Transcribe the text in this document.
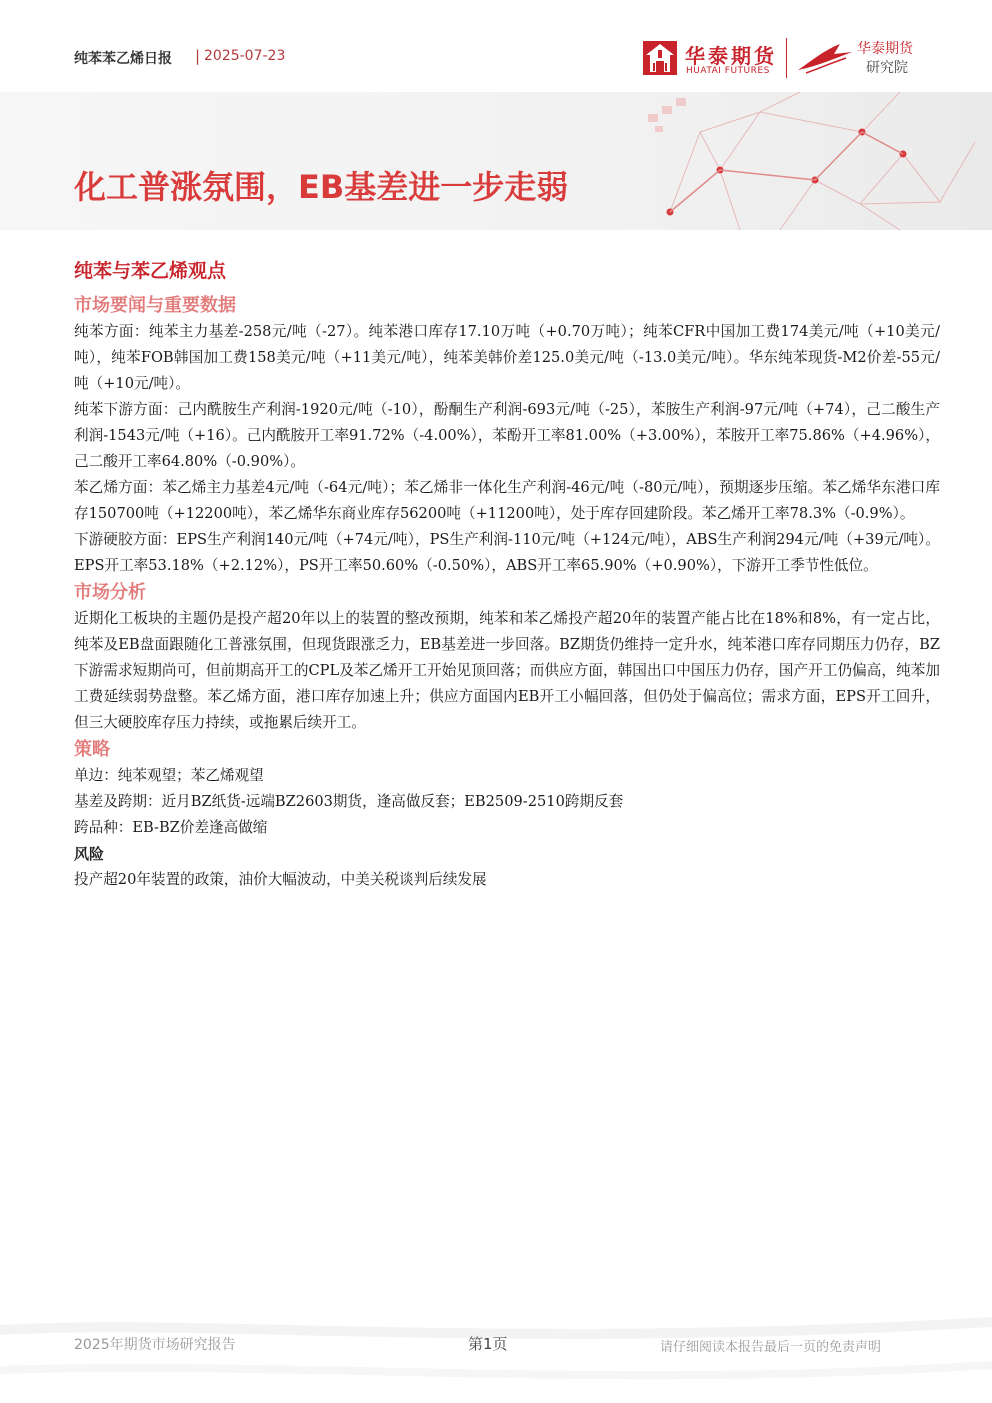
纯苯苯乙烯日报 | 2025-07-23	华泰期货
HUATAI FUTURES
华泰期货
研究院
化工普涨氛围，EB基差进一步走弱
纯苯与苯乙烯观点
市场要闻与重要数据

纯苯方面：纯苯主力基差-258元/吨（-27）。纯苯港口库存17.10万吨（+0.70万吨）；纯苯CFR中国加工费174美元/吨（+10美元/吨），纯苯FOB韩国加工费158美元/吨（+11美元/吨），纯苯美韩价差125.0美元/吨（-13.0美元/吨）。华东纯苯现货-M2价差-55元/吨（+10元/吨）。

纯苯下游方面：己内酰胺生产利润-1920元/吨（-10），酚酮生产利润-693元/吨（-25），苯胺生产利润-97元/吨（+74），己二酸生产利润-1543元/吨（+16）。己内酰胺开工率91.72%（-4.00%），苯酚开工率81.00%（+3.00%），苯胺开工率75.86%（+4.96%），己二酸开工率64.80%（-0.90%）。

苯乙烯方面：苯乙烯主力基差4元/吨（-64元/吨）；苯乙烯非一体化生产利润-46元/吨（-80元/吨），预期逐步压缩。苯乙烯华东港口库存150700吨（+12200吨），苯乙烯华东商业库存56200吨（+11200吨），处于库存回建阶段。苯乙烯开工率78.3%（-0.9%）。

下游硬胶方面：EPS生产利润140元/吨（+74元/吨），PS生产利润-110元/吨（+124元/吨），ABS生产利润294元/吨（+39元/吨）。EPS开工率53.18%（+2.12%），PS开工率50.60%（-0.50%），ABS开工率65.90%（+0.90%），下游开工季节性低位。

市场分析

近期化工板块的主题仍是投产超20年以上的装置的整改预期，纯苯和苯乙烯投产超20年的装置产能占比在18%和8%，有一定占比，纯苯及EB盘面跟随化工普涨氛围，但现货跟涨乏力，EB基差进一步回落。BZ期货仍维持一定升水，纯苯港口库存同期压力仍存，BZ下游需求短期尚可，但前期高开工的CPL及苯乙烯开工开始见顶回落；而供应方面，韩国出口中国压力仍存，国产开工仍偏高，纯苯加工费延续弱势盘整。苯乙烯方面，港口库存加速上升；供应方面国内EB开工小幅回落，但仍处于偏高位；需求方面，EPS开工回升，但三大硬胶库存压力持续，或拖累后续开工。

策略
单边：纯苯观望；苯乙烯观望
基差及跨期：近月BZ纸货-远端BZ2603期货，逢高做反套；EB2509-2510跨期反套
跨品种：EB-BZ价差逢高做缩
风险
投产超20年装置的政策，油价大幅波动，中美关税谈判后续发展
2025年期货市场研究报告	第1页	请仔细阅读本报告最后一页的免责声明
